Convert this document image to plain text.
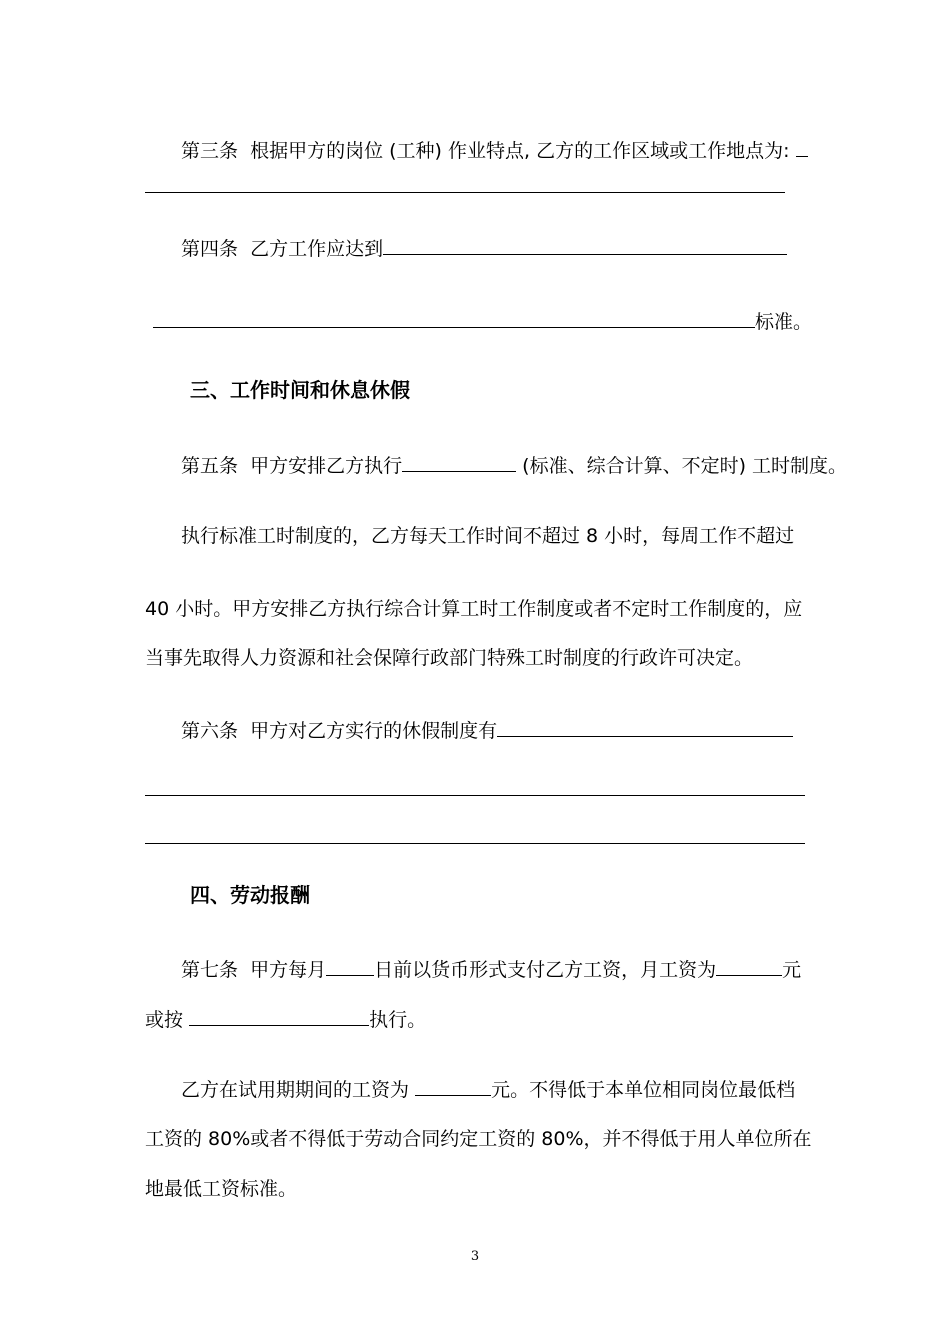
第三条 根据甲方的岗位 (工种) 作业特点, 乙方的工作区域或工作地点为:
第四条 乙方工作应达到
标准。
三、工作时间和休息休假
第五条 甲方安排乙方执行	(标准、综合计算、不定时) 工时制度。
执行标准工时制度的，乙方每天工作时间不超过 8 小时，每周工作不超过
40 小时。甲方安排乙方执行综合计算工时工作制度或者不定时工作制度的，应
当事先取得人力资源和社会保障行政部门特殊工时制度的行政许可决定。
第六条 甲方对乙方实行的休假制度有
四、劳动报酬
第七条 甲方每月	日前以货币形式支付乙方工资，月工资为	元
或按	执行。
乙方在试用期期间的工资为	元。不得低于本单位相同岗位最低档
工资的 80%或者不得低于劳动合同约定工资的 80%，并不得低于用人单位所在
地最低工资标准。
3
